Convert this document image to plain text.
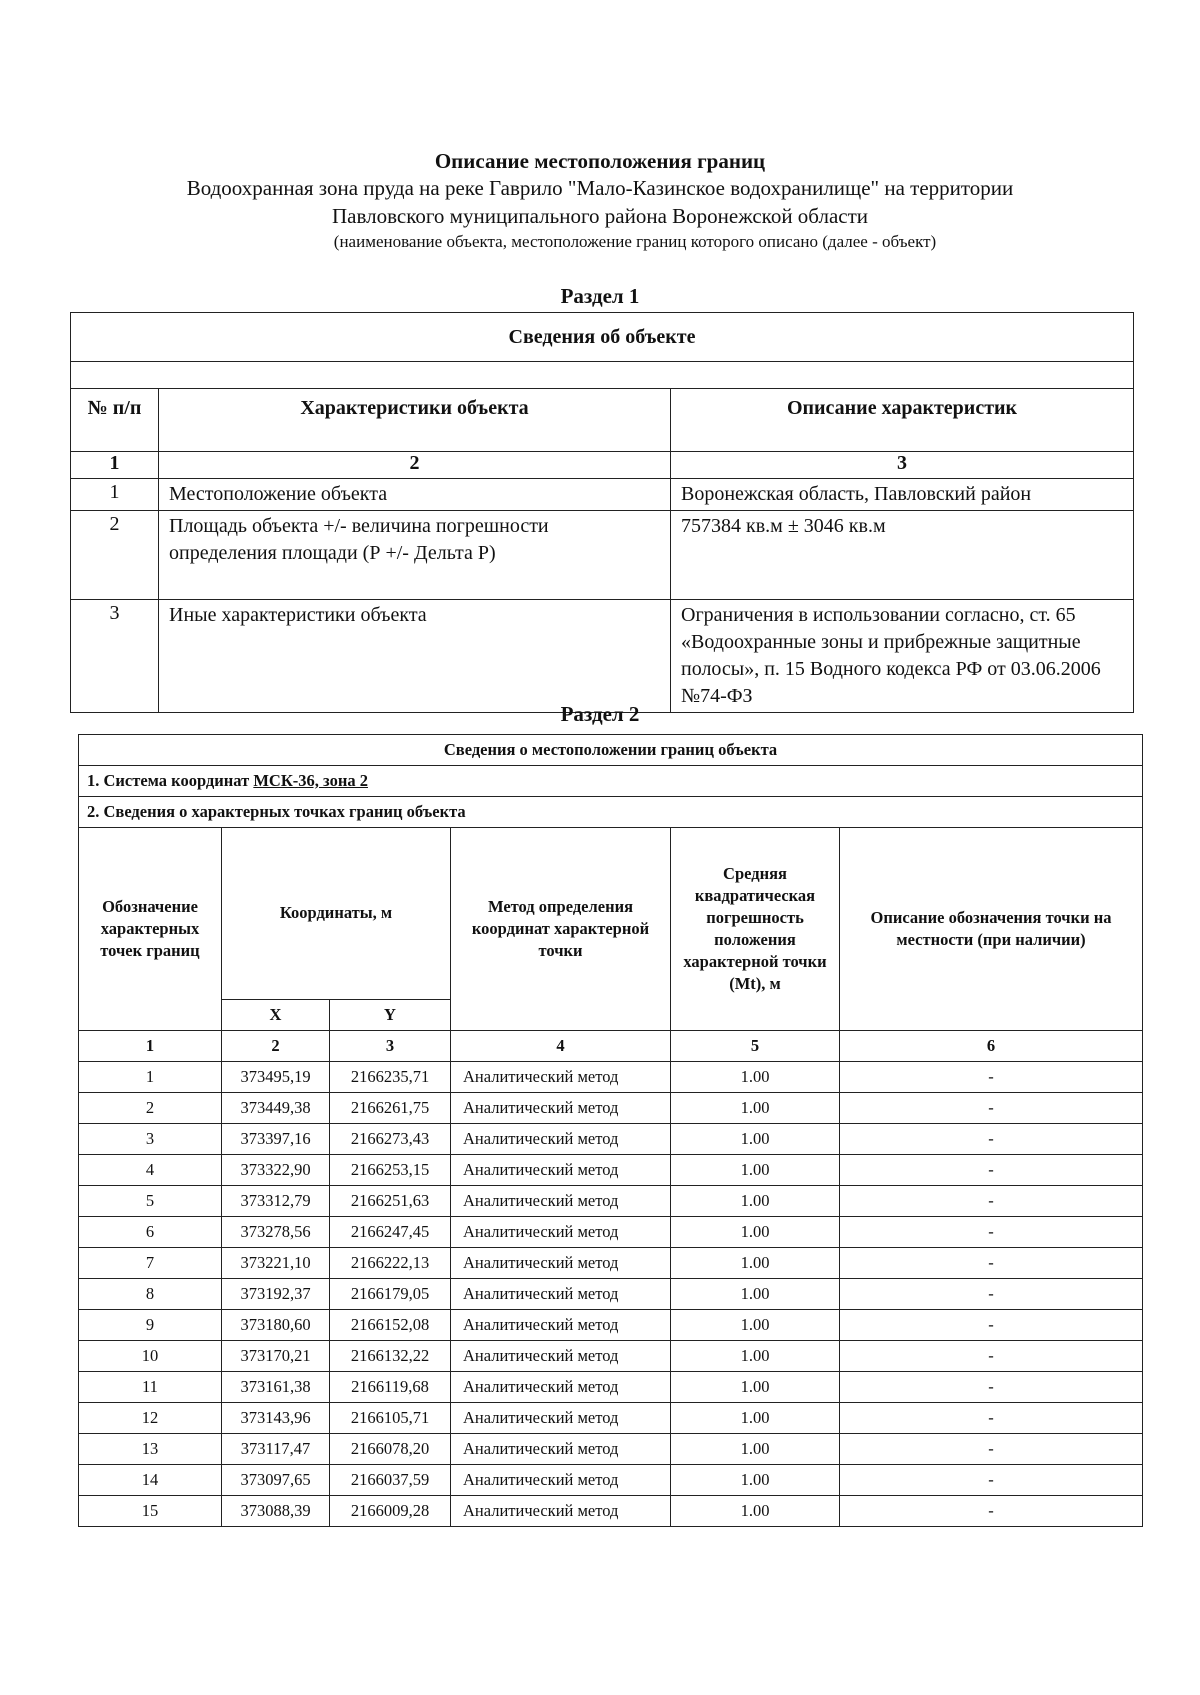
Описание местоположения границ
Водоохранная зона пруда на реке Гаврило "Мало-Казинское водохранилище" на территории
Павловского муниципального района Воронежской области
(наименование объекта, местоположение границ которого описано (далее - объект)
Раздел 1
Сведения об объекте		

№ п/п	Характеристики объекта	Описание характеристик
1	2	3
1	Местоположение объекта	Воронежская область, Павловский район
2	Площадь объекта +/- величина погрешности определения площади (Р +/- Дельта Р)	757384 кв.м ± 3046 кв.м
3	Иные характеристики объекта	Ограничения в использовании согласно, ст. 65 «Водоохранные зоны и прибрежные защитные полосы», п. 15 Водного кодекса РФ от 03.06.2006 №74-ФЗ
Раздел 2
Сведения о местоположении границ объекта					
1. Система координат МСК-36, зона 2					
2. Сведения о характерных точках границ объекта					
Обозначение характерных точек границ	Координаты, м		Метод определения координат характерной точки	Средняя квадратическая погрешность положения характерной точки (Mt), м	Описание обозначения точки на местности (при наличии)
	X	Y			
1	2	3	4	5	6
1	373495,19	2166235,71	Аналитический метод	1.00	-
2	373449,38	2166261,75	Аналитический метод	1.00	-
3	373397,16	2166273,43	Аналитический метод	1.00	-
4	373322,90	2166253,15	Аналитический метод	1.00	-
5	373312,79	2166251,63	Аналитический метод	1.00	-
6	373278,56	2166247,45	Аналитический метод	1.00	-
7	373221,10	2166222,13	Аналитический метод	1.00	-
8	373192,37	2166179,05	Аналитический метод	1.00	-
9	373180,60	2166152,08	Аналитический метод	1.00	-
10	373170,21	2166132,22	Аналитический метод	1.00	-
11	373161,38	2166119,68	Аналитический метод	1.00	-
12	373143,96	2166105,71	Аналитический метод	1.00	-
13	373117,47	2166078,20	Аналитический метод	1.00	-
14	373097,65	2166037,59	Аналитический метод	1.00	-
15	373088,39	2166009,28	Аналитический метод	1.00	-
